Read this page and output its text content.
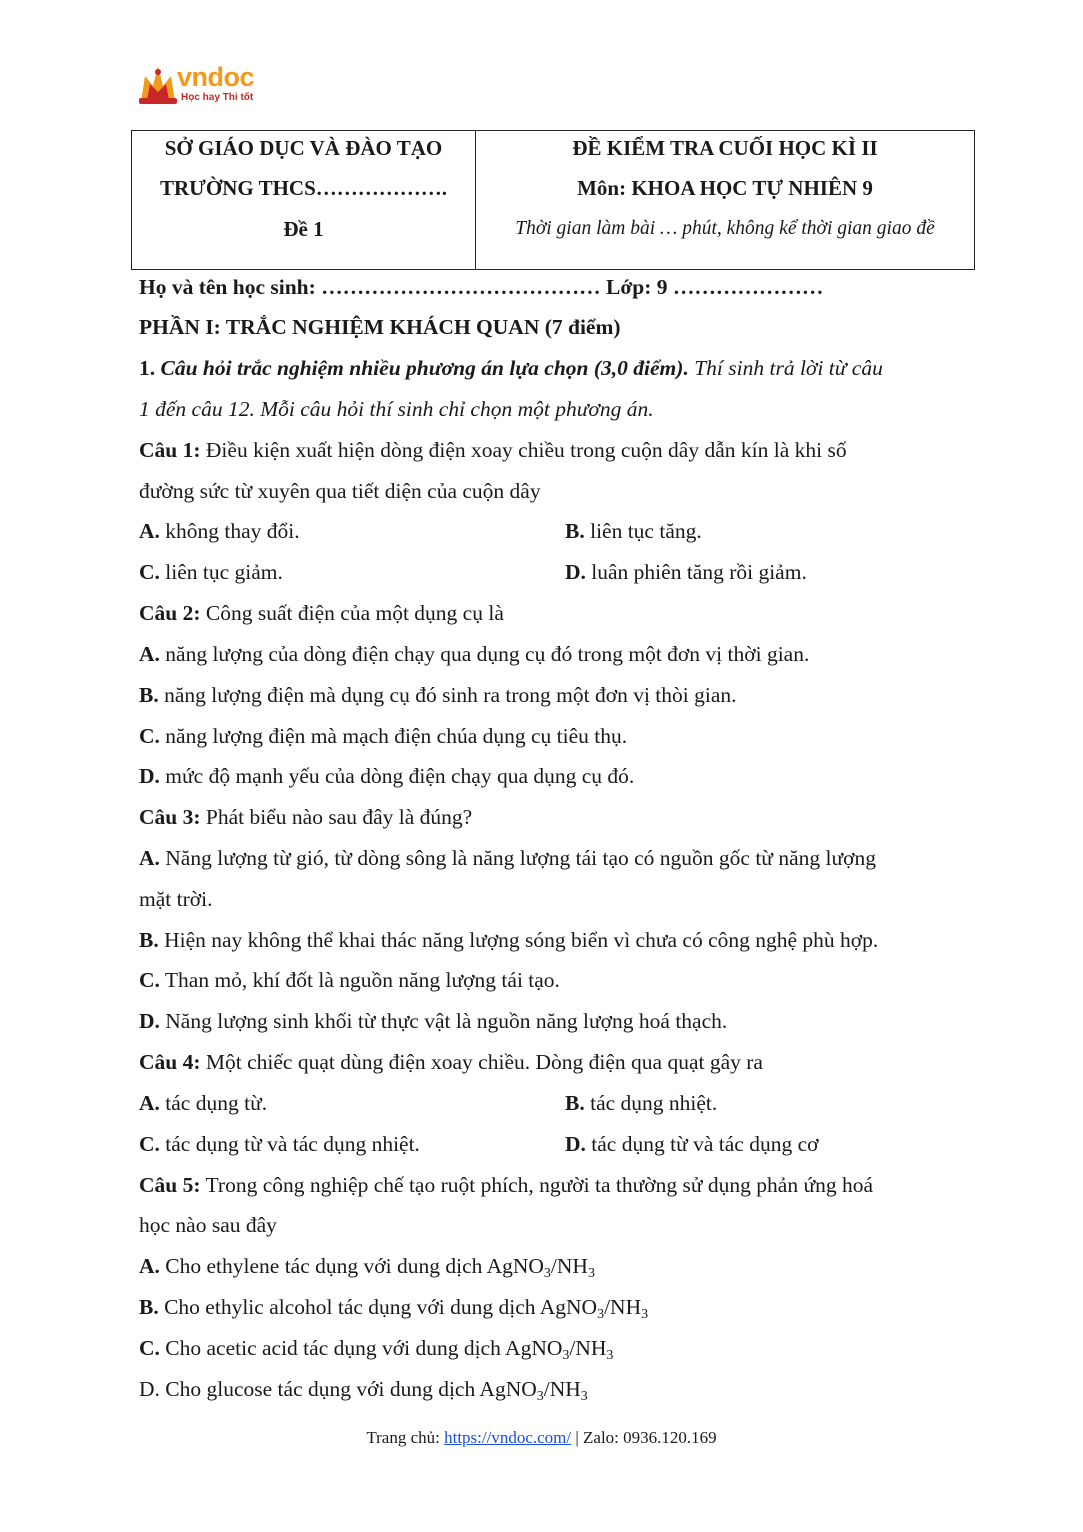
vndoc
Học hay Thi tốt
SỞ GIÁO DỤC VÀ ĐÀO TẠO
TRƯỜNG THCS……………….
Đề 1
ĐỀ KIỂM TRA CUỐI HỌC KÌ II
Môn: KHOA HỌC TỰ NHIÊN 9
Thời gian làm bài … phút, không kể thời gian giao đề
Họ và tên học sinh: ………………………………… Lớp: 9 …………………
PHẦN I: TRẮC NGHIỆM KHÁCH QUAN (7 điểm)
1. Câu hỏi trắc nghiệm nhiều phương án lựa chọn (3,0 điểm). Thí sinh trả lời từ câu
1 đến câu 12. Mỗi câu hỏi thí sinh chỉ chọn một phương án.
Câu 1: Điều kiện xuất hiện dòng điện xoay chiều trong cuộn dây dẫn kín là khi số
đường sức từ xuyên qua tiết diện của cuộn dây
A. không thay đổi.	B. liên tục tăng.
C. liên tục giảm.	D. luân phiên tăng rồi giảm.
Câu 2: Công suất điện của một dụng cụ là
A. năng lượng của dòng điện chạy qua dụng cụ đó trong một đơn vị thời gian.
B. năng lượng điện mà dụng cụ đó sinh ra trong một đơn vị thòi gian.
C. năng lượng điện mà mạch điện chúa dụng cụ tiêu thụ.
D. mức độ mạnh yếu của dòng điện chạy qua dụng cụ đó.
Câu 3: Phát biểu nào sau đây là đúng?
A. Năng lượng từ gió, từ dòng sông là năng lượng tái tạo có nguồn gốc từ năng lượng
mặt trời.
B. Hiện nay không thể khai thác năng lượng sóng biển vì chưa có công nghệ phù hợp.
C. Than mỏ, khí đốt là nguồn năng lượng tái tạo.
D. Năng lượng sinh khối từ thực vật là nguồn năng lượng hoá thạch.
Câu 4: Một chiếc quạt dùng điện xoay chiều. Dòng điện qua quạt gây ra
A. tác dụng từ.	B. tác dụng nhiệt.
C. tác dụng từ và tác dụng nhiệt.	D. tác dụng từ và tác dụng cơ
Câu 5: Trong công nghiệp chế tạo ruột phích, người ta thường sử dụng phản ứng hoá
học nào sau đây
A. Cho ethylene tác dụng với dung dịch $AgNO_3/NH_3$
B. Cho ethylic alcohol tác dụng với dung dịch $AgNO_3/NH_3$
C. Cho acetic acid tác dụng với dung dịch $AgNO_3/NH_3$
D. Cho glucose tác dụng với dung dịch $AgNO_3/NH_3$
Trang chủ: https://vndoc.com/ | Zalo: 0936.120.169
